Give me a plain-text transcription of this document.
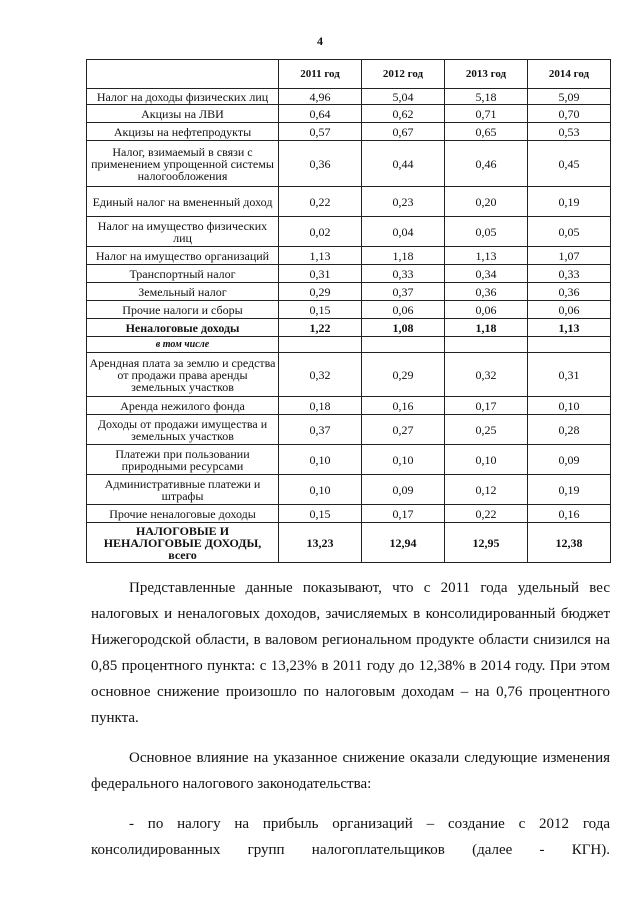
4
	2011 год	2012 год	2013 год	2014 год
Налог на доходы физических лиц	4,96	5,04	5,18	5,09
Акцизы на ЛВИ	0,64	0,62	0,71	0,70
Акцизы на нефтепродукты	0,57	0,67	0,65	0,53
Налог, взимаемый в связи с применением упрощенной системы налогообложения	0,36	0,44	0,46	0,45
Единый налог на вмененный доход	0,22	0,23	0,20	0,19
Налог на имущество физических лиц	0,02	0,04	0,05	0,05
Налог на имущество организаций	1,13	1,18	1,13	1,07
Транспортный налог	0,31	0,33	0,34	0,33
Земельный налог	0,29	0,37	0,36	0,36
Прочие налоги и сборы	0,15	0,06	0,06	0,06
Неналоговые доходы	1,22	1,08	1,18	1,13
в том числе				
Арендная плата за землю и средства от продажи права аренды земельных участков	0,32	0,29	0,32	0,31
Аренда нежилого фонда	0,18	0,16	0,17	0,10
Доходы от продажи имущества и земельных участков	0,37	0,27	0,25	0,28
Платежи при пользовании природными ресурсами	0,10	0,10	0,10	0,09
Административные платежи и штрафы	0,10	0,09	0,12	0,19
Прочие неналоговые доходы	0,15	0,17	0,22	0,16
НАЛОГОВЫЕ И НЕНАЛОГОВЫЕ ДОХОДЫ, всего	13,23	12,94	12,95	12,38

Представленные данные показывают, что с 2011 года удельный вес налоговых и неналоговых доходов, зачисляемых в консолидированный бюджет Нижегородской области, в валовом региональном продукте области снизился на 0,85 процентного пункта: с 13,23% в 2011 году до 12,38% в 2014 году. При этом основное снижение произошло по налоговым доходам – на 0,76 процентного пункта.

Основное влияние на указанное снижение оказали следующие изменения федерального налогового законодательства:

- по налогу на прибыль организаций – создание с 2012 года консолидированных групп налогоплательщиков (далее - КГН).
